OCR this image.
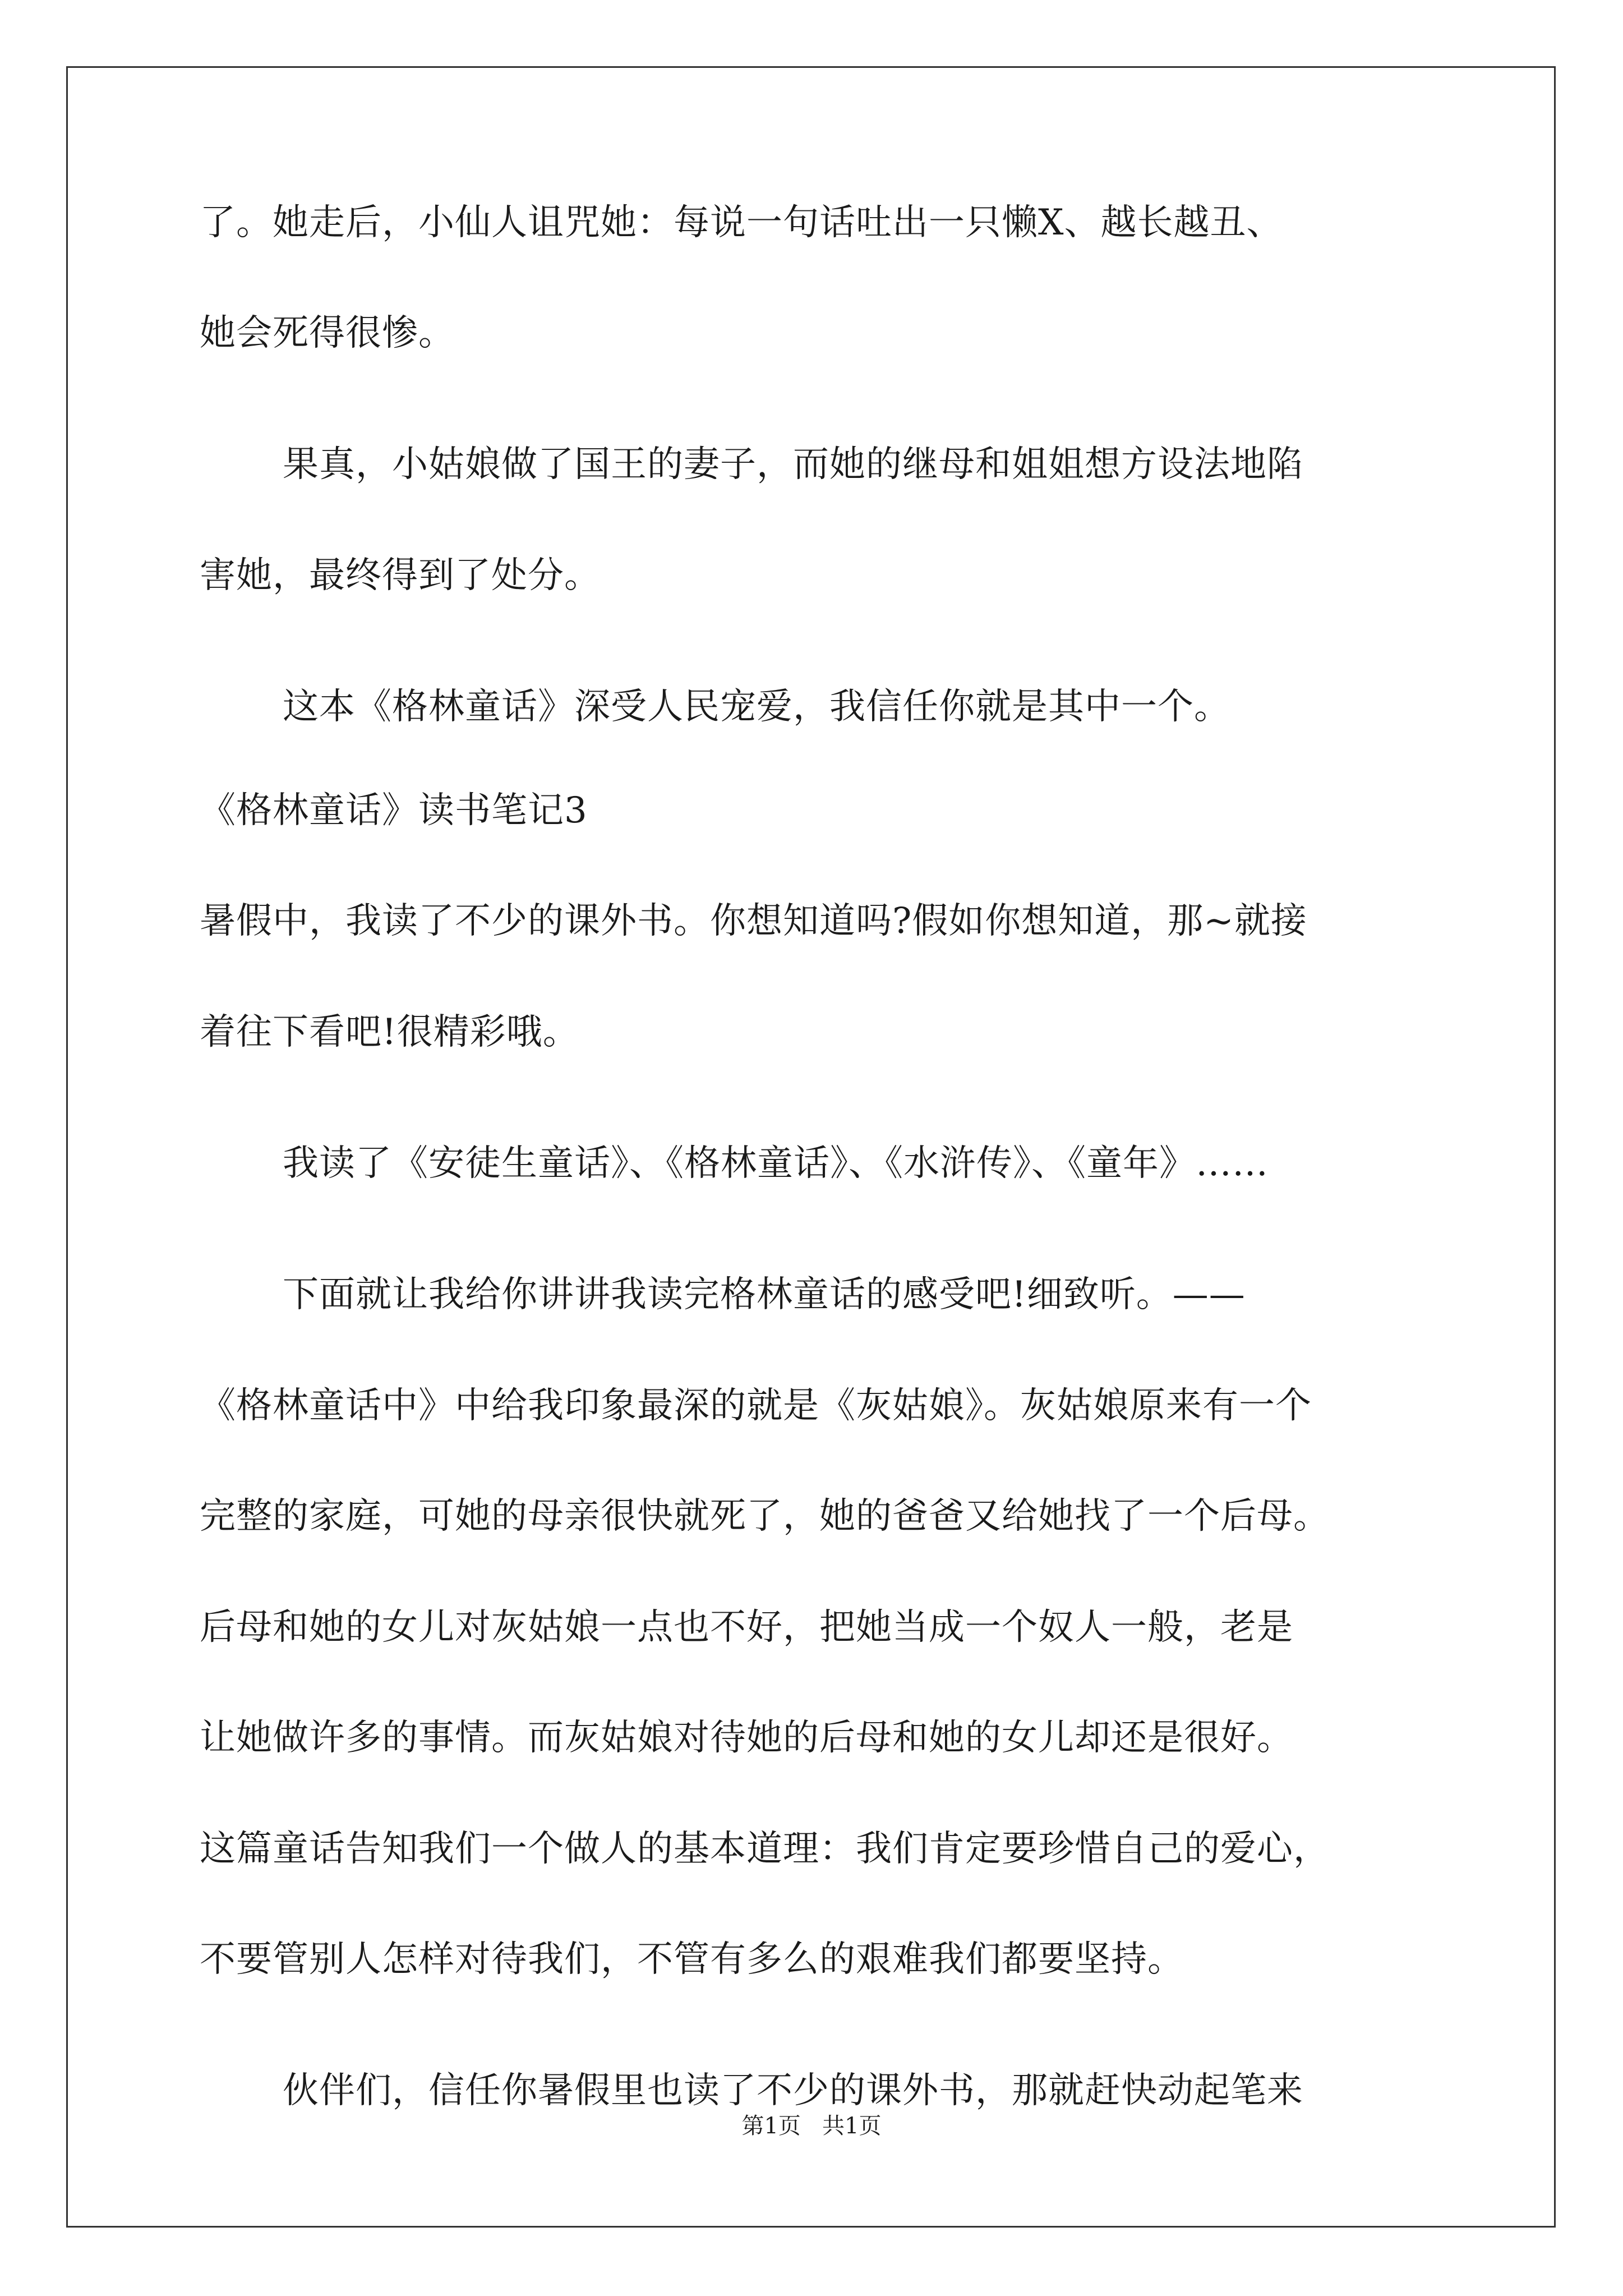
了。她走后，小仙人诅咒她：每说一句话吐出一只懒X、越长越丑、
她会死得很惨。
果真，小姑娘做了国王的妻子，而她的继母和姐姐想方设法地陷
害她，最终得到了处分。
这本《格林童话》深受人民宠爱，我信任你就是其中一个。
《格林童话》读书笔记3
暑假中，我读了不少的课外书。你想知道吗?假如你想知道，那~就接
着往下看吧!很精彩哦。
我读了《安徒生童话》、《格林童话》、《水浒传》、《童年》……
下面就让我给你讲讲我读完格林童话的感受吧!细致听。——
《格林童话中》中给我印象最深的就是《灰姑娘》。灰姑娘原来有一个
完整的家庭，可她的母亲很快就死了，她的爸爸又给她找了一个后母。
后母和她的女儿对灰姑娘一点也不好，把她当成一个奴人一般，老是
让她做许多的事情。而灰姑娘对待她的后母和她的女儿却还是很好。
这篇童话告知我们一个做人的基本道理：我们肯定要珍惜自己的爱心，
不要管别人怎样对待我们，不管有多么的艰难我们都要坚持。
伙伴们，信任你暑假里也读了不少的课外书，那就赶快动起笔来
第1页   共1页
